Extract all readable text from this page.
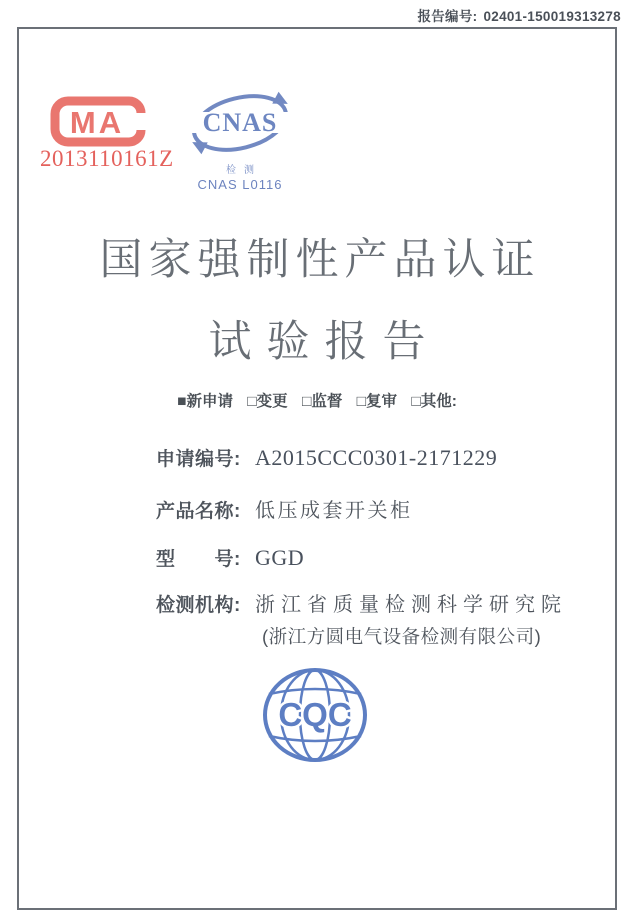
报告编号: 02401-150019313278
MA
2013110161Z
CNAS
检测
CNAS L0116
国家强制性产品认证
试验报告
■新申请 □变更 □监督 □复审 □其他:
申请编号: A2015CCC0301-2171229
产品名称: 低压成套开关柜
型　　号: GGD
检测机构: 浙江省质量检测科学研究院
(浙江方圆电气设备检测有限公司)
CQC
